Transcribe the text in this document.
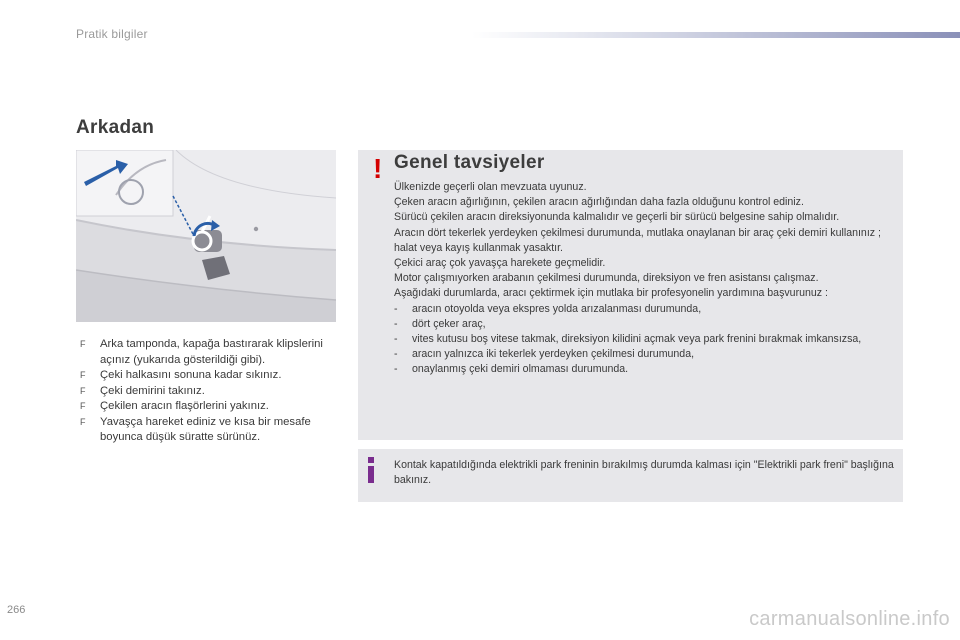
Pratik bilgiler
Arkadan
F Arka tamponda, kapağa bastırarak klipslerini açınız (yukarıda gösterildiği gibi).
F Çeki halkasını sonuna kadar sıkınız.
F Çeki demirini takınız.
F Çekilen aracın flaşörlerini yakınız.
F Yavaşça hareket ediniz ve kısa bir mesafe boyunca düşük süratte sürünüz.
! Genel tavsiyeler

Ülkenizde geçerli olan mevzuata uyunuz.

Çeken aracın ağırlığının, çekilen aracın ağırlığından daha fazla olduğunu kontrol ediniz.

Sürücü çekilen aracın direksiyonunda kalmalıdır ve geçerli bir sürücü belgesine sahip olmalıdır.

Aracın dört tekerlek yerdeyken çekilmesi durumunda, mutlaka onaylanan bir araç çeki demiri kullanınız ; halat veya kayış kullanmak yasaktır.

Çekici araç çok yavaşça harekete geçmelidir.

Motor çalışmıyorken arabanın çekilmesi durumunda, direksiyon ve fren asistansı çalışmaz.

Aşağıdaki durumlarda, aracı çektirmek için mutlaka bir profesyonelin yardımına başvurunuz :

- aracın otoyolda veya ekspres yolda arızalanması durumunda,

- dört çeker araç,

- vites kutusu boş vitese takmak, direksiyon kilidini açmak veya park frenini bırakmak imkansızsa,

- aracın yalnızca iki tekerlek yerdeyken çekilmesi durumunda,

- onaylanmış çeki demiri olmaması durumunda.

Kontak kapatıldığında elektrikli park freninin bırakılmış durumda kalması için "Elektrikli park freni" başlığına bakınız.
266	carmanualsonline.info
